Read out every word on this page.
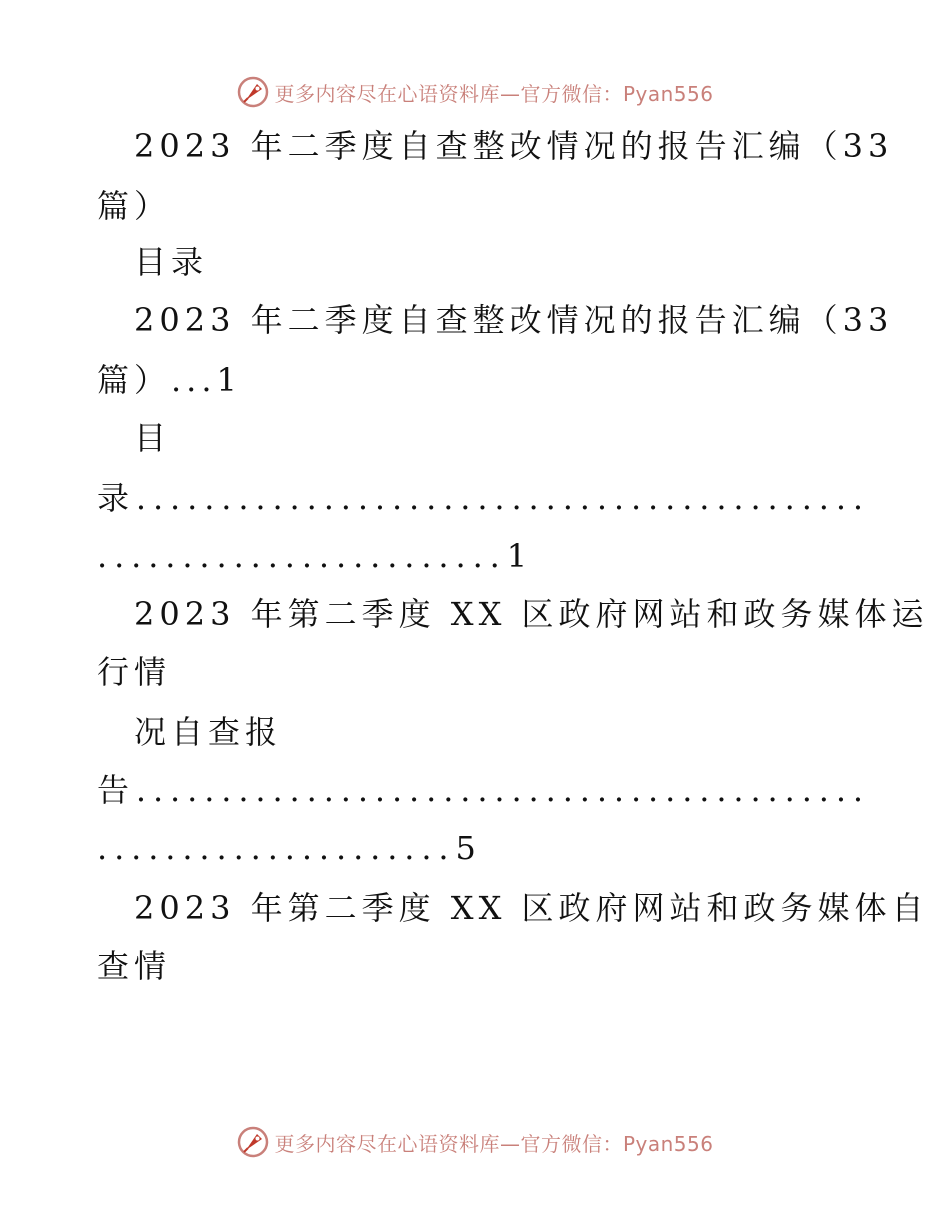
更多内容尽在心语资料库—官方微信：Pyan556
2023 年二季度自查整改情况的报告汇编（33
篇）
目录
2023 年二季度自查整改情况的报告汇编（33
篇）...1
目
录...........................................
........................1
2023 年第二季度 XX 区政府网站和政务媒体运
行情
况自查报
告...........................................
.....................5
2023 年第二季度 XX 区政府网站和政务媒体自
查情
更多内容尽在心语资料库—官方微信：Pyan556
